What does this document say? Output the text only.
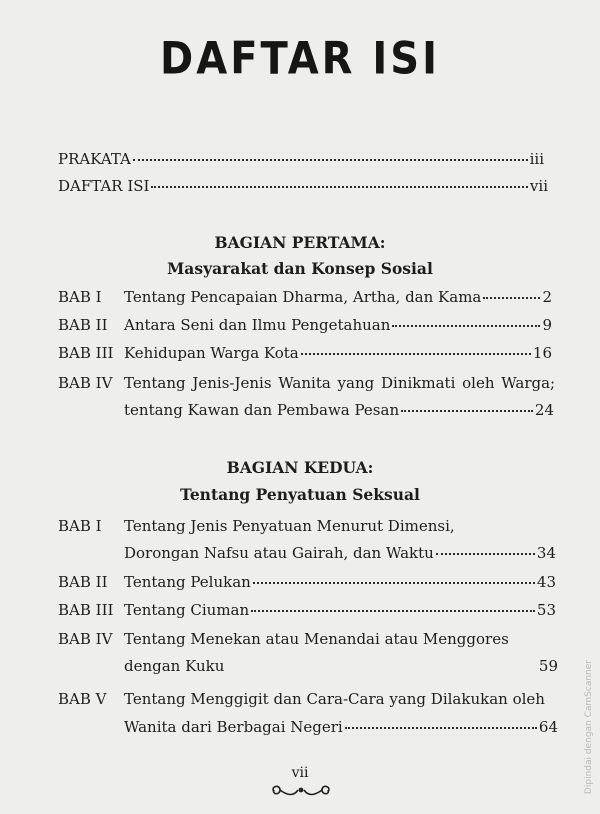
DAFTAR ISI
PRAKATA	iii
DAFTAR ISI	vii
BAGIAN PERTAMA:
Masyarakat dan Konsep Sosial
BAB I	Tentang Pencapaian Dharma, Artha, dan Kama	2
BAB II	Antara Seni dan Ilmu Pengetahuan	9
BAB III Kehidupan Warga Kota	16
BAB IV Tentang Jenis-Jenis Wanita yang Dinikmati oleh Warga;
tentang Kawan dan Pembawa Pesan	24
BAGIAN KEDUA:
Tentang Penyatuan Seksual
BAB I	Tentang Jenis Penyatuan Menurut Dimensi,
Dorongan Nafsu atau Gairah, dan Waktu	34
BAB II	Tentang Pelukan	43
BAB III Tentang Ciuman	53
BAB IV Tentang Menekan atau Menandai atau Menggores
dengan Kuku	59
BAB V	Tentang Menggigit dan Cara-Cara yang Dilakukan oleh
Wanita dari Berbagai Negeri	64
vii	Dipindai dengan CamScanner
